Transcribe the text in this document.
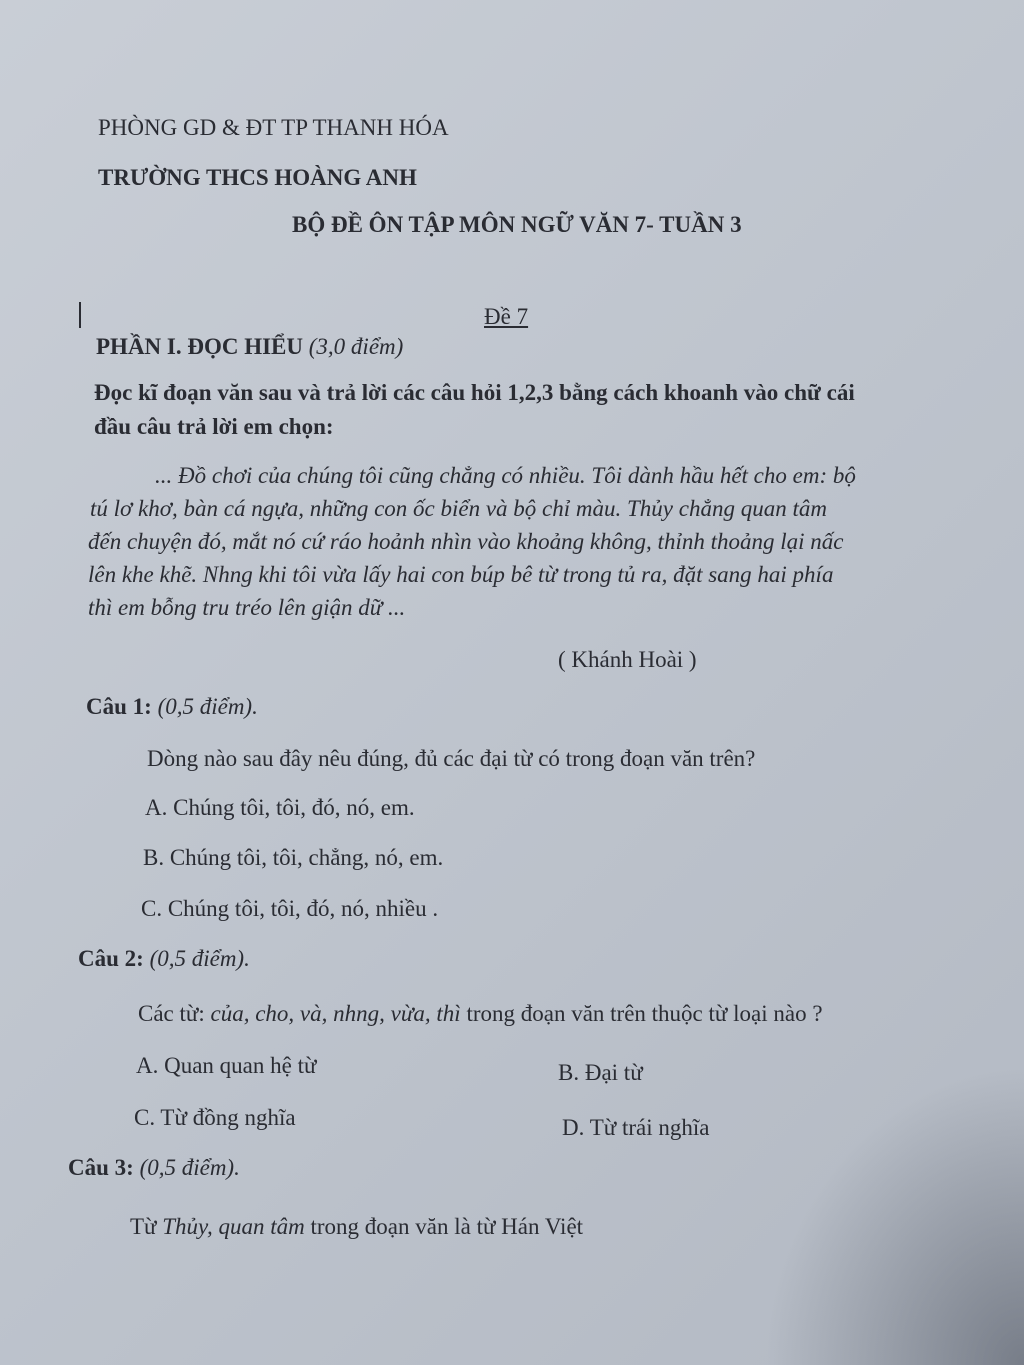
PHÒNG GD & ĐT TP THANH HÓA
TRƯỜNG THCS HOÀNG ANH
BỘ ĐỀ ÔN TẬP MÔN NGỮ VĂN 7- TUẦN 3
Đề 7
PHẦN I. ĐỌC HIỂU (3,0 điểm)
Đọc kĩ đoạn văn sau và trả lời các câu hỏi 1,2,3 bằng cách khoanh vào chữ cái
đầu câu trả lời em chọn:
... Đồ chơi của chúng tôi cũng chẳng có nhiều. Tôi dành hầu hết cho em: bộ
tú lơ khơ, bàn cá ngựa, những con ốc biển và bộ chỉ màu. Thủy chẳng quan tâm
đến chuyện đó, mắt nó cứ ráo hoảnh nhìn vào khoảng không, thỉnh thoảng lại nấc
lên khe khẽ. Nhng khi tôi vừa lấy hai con búp bê từ trong tủ ra, đặt sang hai phía
thì em bỗng tru tréo lên giận dữ ...
( Khánh Hoài )
Câu 1: (0,5 điểm).
Dòng nào sau đây nêu đúng, đủ các đại từ có trong đoạn văn trên?
A. Chúng tôi, tôi, đó, nó, em.
B. Chúng tôi, tôi, chẳng, nó, em.
C. Chúng tôi, tôi, đó, nó, nhiều .
Câu 2: (0,5 điểm).
Các từ: của, cho, và, nhng, vừa, thì trong đoạn văn trên thuộc từ loại nào ?
A. Quan quan hệ từ	B. Đại từ
C. Từ đồng nghĩa	D. Từ trái nghĩa
Câu 3: (0,5 điểm).
Từ Thủy, quan tâm trong đoạn văn là từ Hán Việt
